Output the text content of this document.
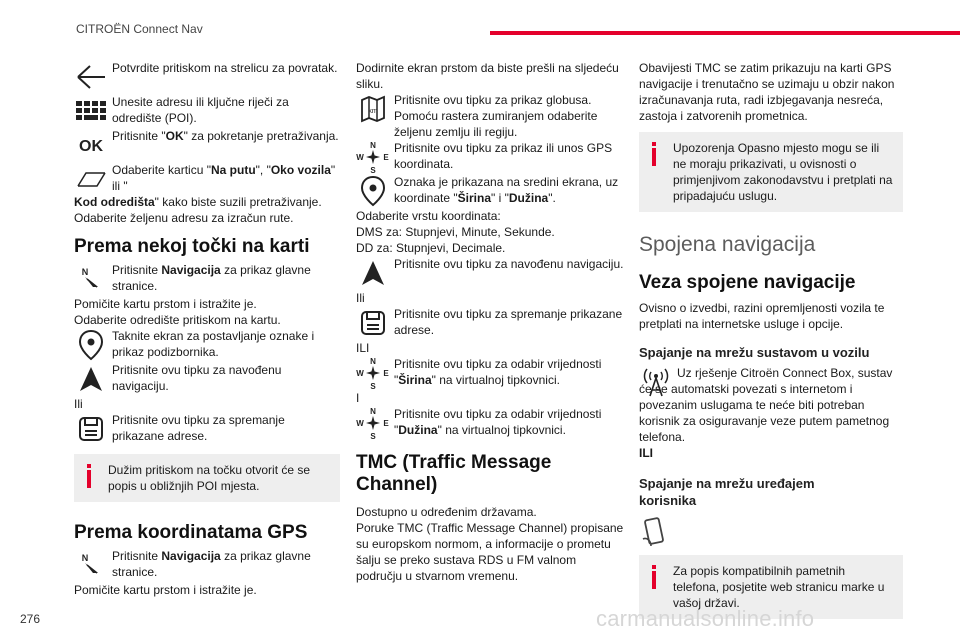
CITROËN Connect Nav
Potvrdite pritiskom na strelicu za povratak.
Unesite adresu ili ključne riječi za odredište (POI).
OK
Pritisnite "OK" za pokretanje pretraživanja.
Odaberite karticu "Na putu", "Oko vozila" ili "
Kod odredišta" kako biste suzili pretraživanje.
Odaberite željenu adresu za izračun rute.
Prema nekoj točki na karti
N Pritisnite Navigacija za prikaz glavne stranice.
Pomičite kartu prstom i istražite je.
Odaberite odredište pritiskom na kartu.
Taknite ekran za postavljanje oznake i prikaz podizbornika.
Pritisnite ovu tipku za navođenu navigaciju.
Ili
Pritisnite ovu tipku za spremanje prikazane adrese.
Dužim pritiskom na točku otvorit će se popis u obližnjih POI mjesta.
Prema koordinatama GPS
N Pritisnite Navigacija za prikaz glavne stranice.
Pomičite kartu prstom i istražite je.
Dodirnite ekran prstom da biste prešli na sljedeću sliku.
km
Pritisnite ovu tipku za prikaz globusa.
Pomoću rastera zumiranjem odaberite željenu zemlju ili regiju.
N
S
W E
Pritisnite ovu tipku za prikaz ili unos GPS koordinata.
Oznaka je prikazana na sredini ekrana, uz koordinate "Širina" i "Dužina".
Odaberite vrstu koordinata:
DMS za: Stupnjevi, Minute, Sekunde.
DD za: Stupnjevi, Decimale.
Pritisnite ovu tipku za navođenu navigaciju.
Ili
Pritisnite ovu tipku za spremanje prikazane adrese.
ILI
N
S
W E
Pritisnite ovu tipku za odabir vrijednosti "Širina" na virtualnoj tipkovnici.
I
N
S
W E
Pritisnite ovu tipku za odabir vrijednosti "Dužina" na virtualnoj tipkovnici.
TMC (Traffic Message Channel)
Dostupno u određenim državama.
Poruke TMC (Traffic Message Channel) propisane su europskom normom, a informacije o prometu šalju se preko sustava RDS u FM valnom području u stvarnom vremenu.
Obavijesti TMC se zatim prikazuju na karti GPS navigacije i trenutačno se uzimaju u obzir nakon izračunavanja ruta, radi izbjegavanja nesreća, zastoja i zatvorenih prometnica.
Upozorenja Opasno mjesto mogu se ili ne moraju prikazivati, u ovisnosti o primjenjivom zakonodavstvu i pretplati na pripadajuću uslugu.
Spojena navigacija
Veza spojene navigacije
Ovisno o izvedbi, razini opremljenosti vozila te pretplati na internetske usluge i opcije.
Spajanje na mrežu sustavom u vozilu
Uz rješenje Citroën Connect Box, sustav će se automatski povezati s internetom i povezanim uslugama te neće biti potreban korisnik za osiguravanje veze putem pametnog telefona.
ILI
Spajanje na mrežu uređajem korisnika
Za popis kompatibilnih pametnih telefona, posjetite web stranicu marke u vašoj državi.
276	carmanualsonline.info
